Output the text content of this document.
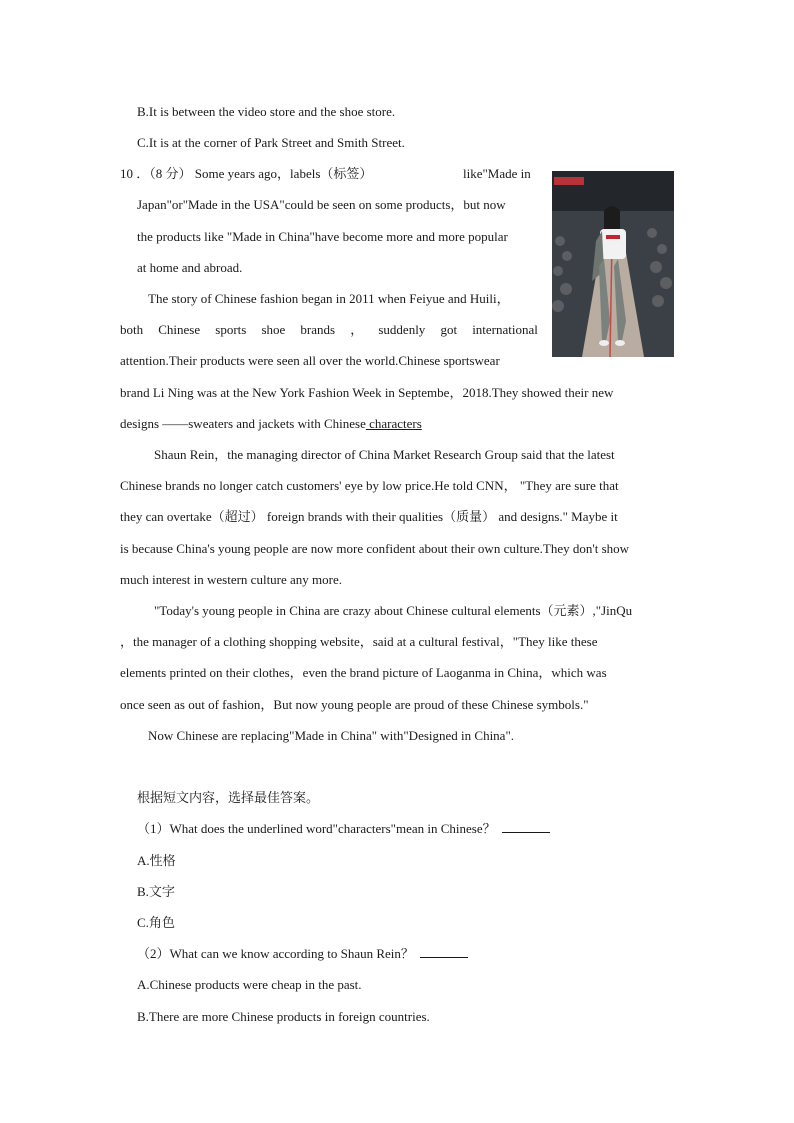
B.It is between the video store and the shoe store.
C.It is at the corner of Park Street and Smith Street.
10 ．（8 分） Some years ago，labels（标签）	like"Made in
Japan"or"Made in the USA"could be seen on some products，but now
the products like "Made in China"have become more and more popular
at home and abroad.
The story of Chinese fashion began in 2011 when Feiyue and Huili，
both Chinese sports shoe brands ， suddenly got international
attention.Their products were seen all over the world.Chinese sportswear
brand Li Ning was at the New York Fashion Week in Septembe，2018.They showed their new
designs ——sweaters and jackets with Chinese characters
Shaun Rein，the managing director of China Market Research Group said that the latest
Chinese brands no longer catch customers' eye by low price.He told CNN， "They are sure that
they can overtake（超过） foreign brands with their qualities（质量） and designs." Maybe it
is because China's young people are now more confident about their own culture.They don't show
much interest in western culture any more.
"Today's young people in China are crazy about Chinese cultural elements（元素）,"JinQu
，the manager of a clothing shopping website，said at a cultural festival，"They like these
elements printed on their clothes，even the brand picture of Laoganma in China，which was
once seen as out of fashion，But now young people are proud of these Chinese symbols."
Now Chinese are replacing"Made in China" with"Designed in China".
根据短文内容，选择最佳答案。
（1）What does the underlined word"characters"mean in Chinese？
A.性格
B.文字
C.角色
（2）What can we know according to Shaun Rein？
A.Chinese products were cheap in the past.
B.There are more Chinese products in foreign countries.
